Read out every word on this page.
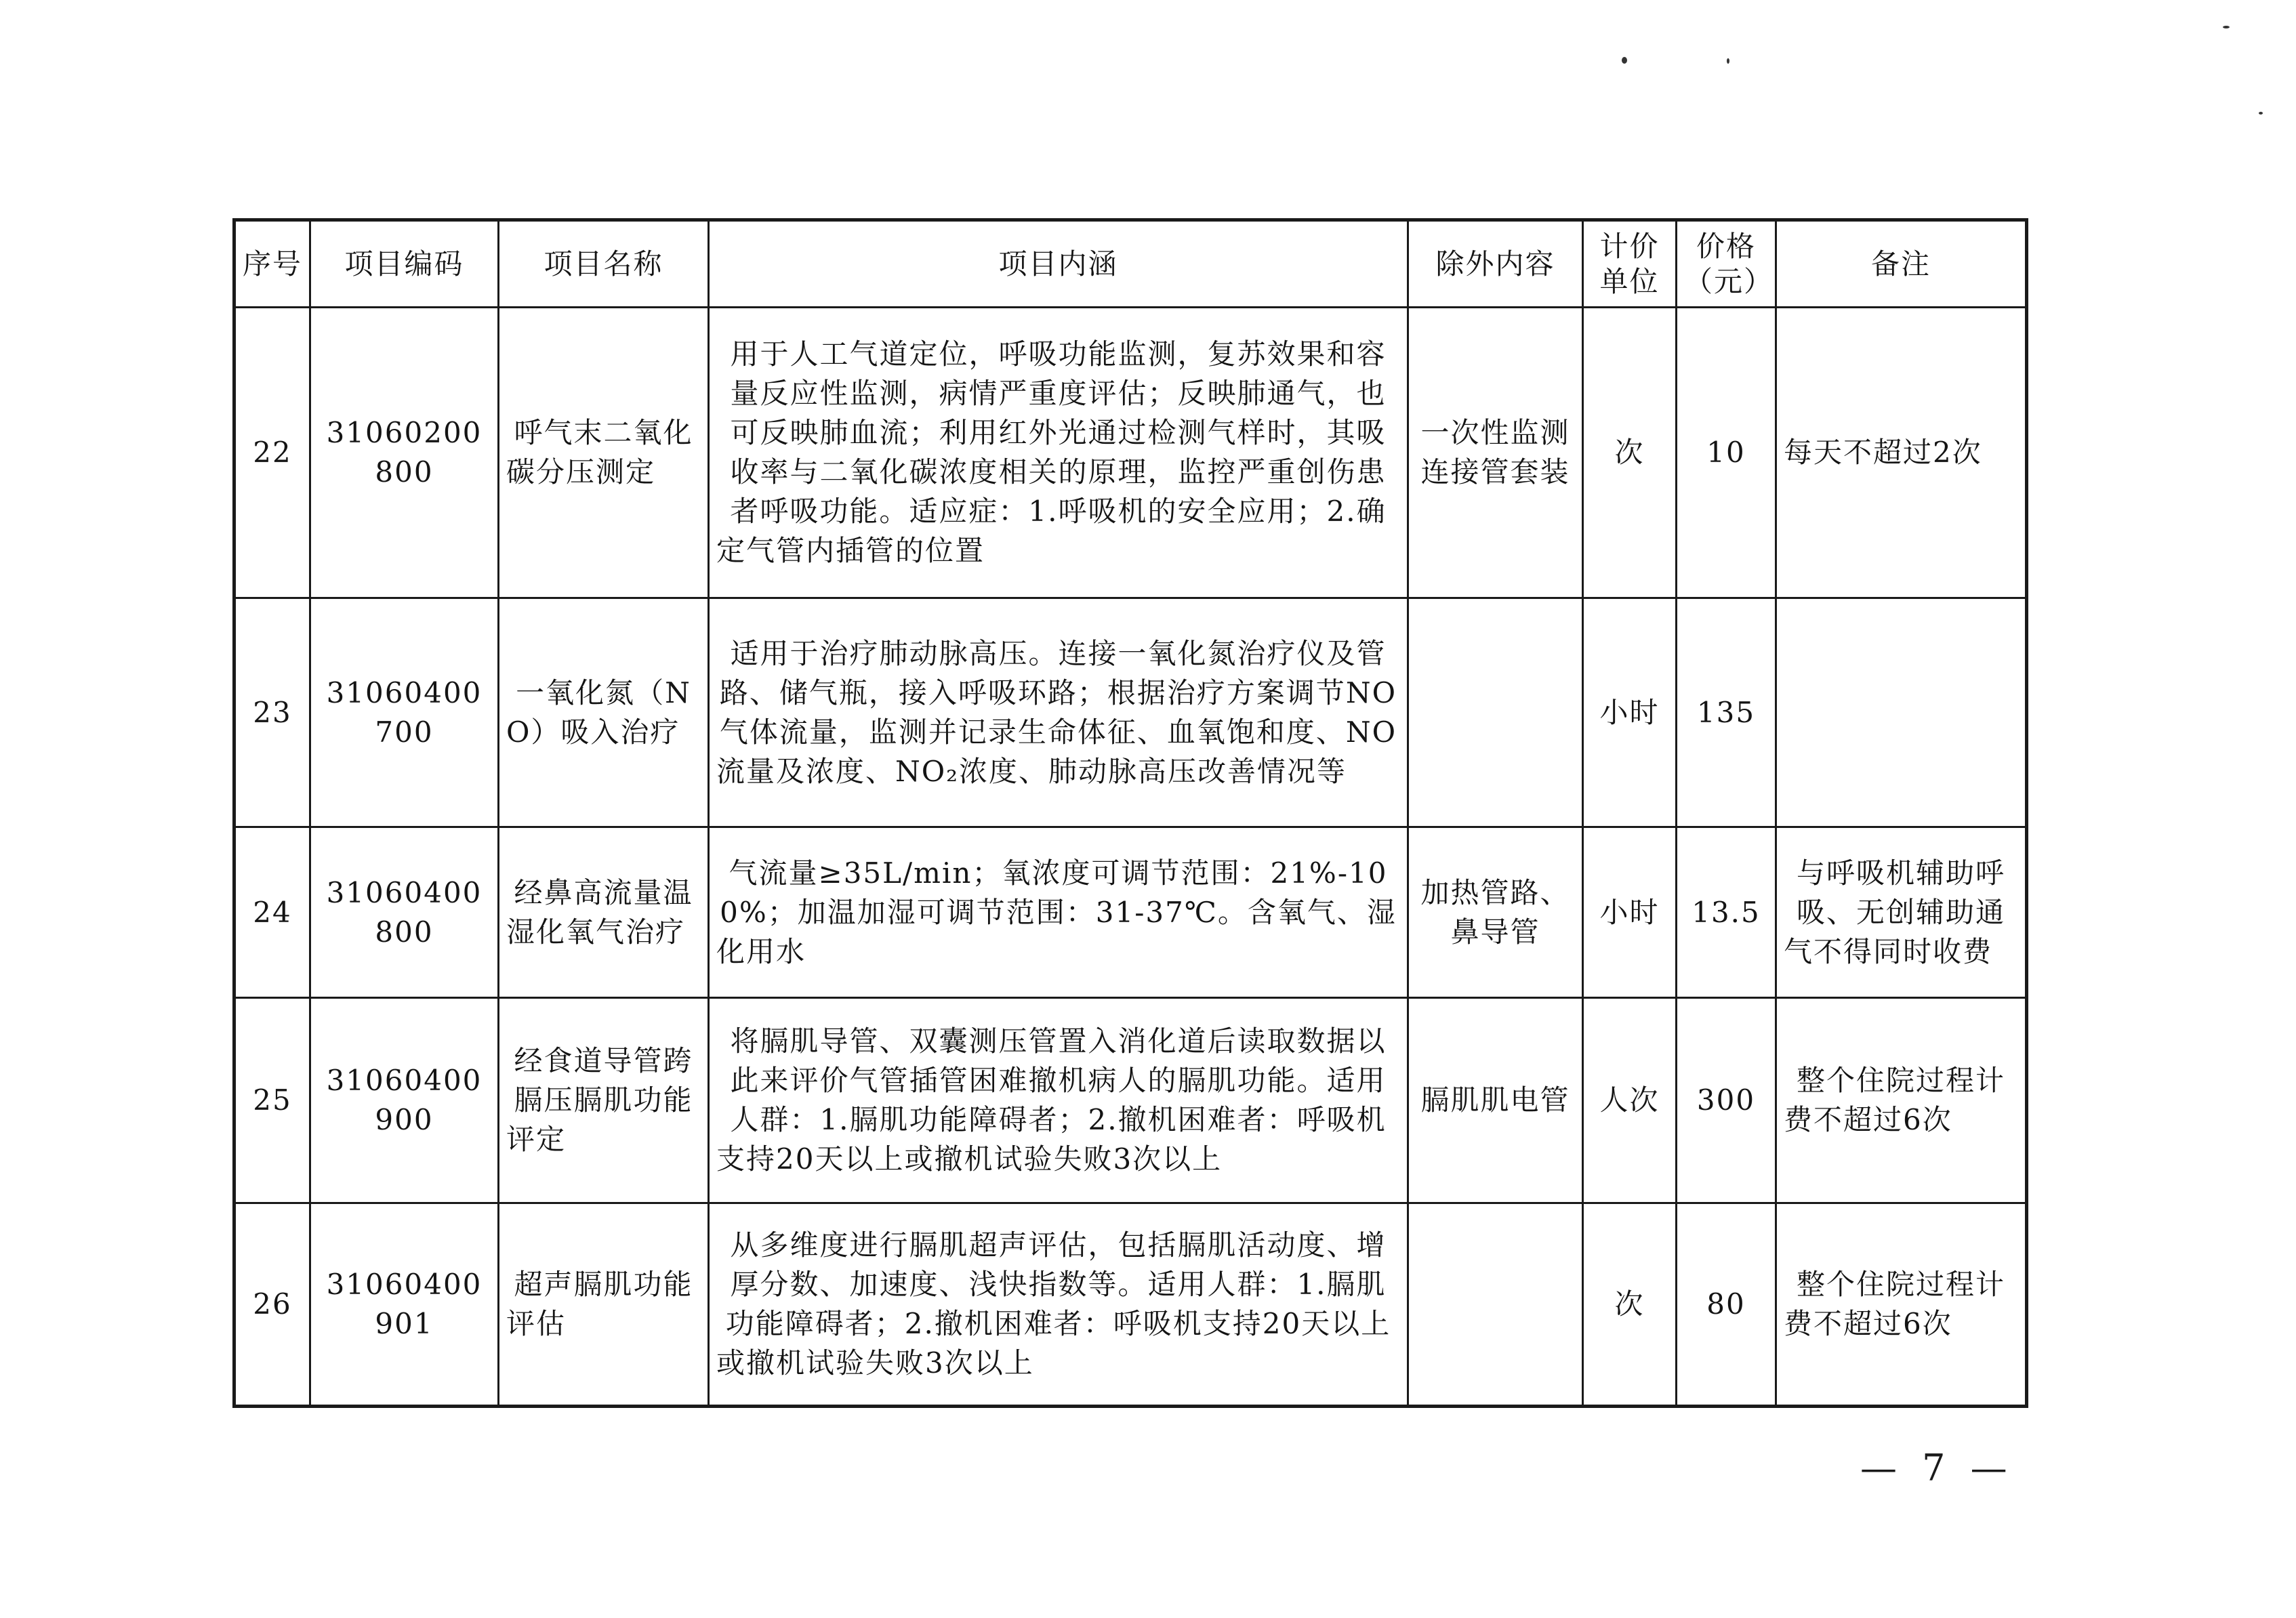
序号	项目编码	项目名称	项目内涵	除外内容	计价单位	价格（元）	备注
22	31060200800	呼气末二氧化碳分压测定	用于人工气道定位，呼吸功能监测，复苏效果和容量反应性监测，病情严重度评估；反映肺通气，也可反映肺血流；利用红外光通过检测气样时，其吸收率与二氧化碳浓度相关的原理，监控严重创伤患者呼吸功能。适应症：1.呼吸机的安全应用；2.确定气管内插管的位置	一次性监测连接管套装	次	10	每天不超过2次
23	31060400700	一氧化氮（NO）吸入治疗	适用于治疗肺动脉高压。连接一氧化氮治疗仪及管路、储气瓶，接入呼吸环路；根据治疗方案调节NO气体流量，监测并记录生命体征、血氧饱和度、NO流量及浓度、NO₂浓度、肺动脉高压改善情况等		小时	135	
24	31060400800	经鼻高流量温湿化氧气治疗	气流量≥35L/min；氧浓度可调节范围：21%-100%；加温加湿可调节范围：31-37℃。含氧气、湿化用水	加热管路、鼻导管	小时	13.5	与呼吸机辅助呼吸、无创辅助通气不得同时收费
25	31060400900	经食道导管跨膈压膈肌功能评定	将膈肌导管、双囊测压管置入消化道后读取数据以此来评价气管插管困难撤机病人的膈肌功能。适用人群：1.膈肌功能障碍者；2.撤机困难者：呼吸机支持20天以上或撤机试验失败3次以上	膈肌肌电管	人次	300	整个住院过程计费不超过6次
26	31060400901	超声膈肌功能评估	从多维度进行膈肌超声评估，包括膈肌活动度、增厚分数、加速度、浅快指数等。适用人群：1.膈肌功能障碍者；2.撤机困难者：呼吸机支持20天以上或撤机试验失败3次以上		次	80	整个住院过程计费不超过6次
— 7 —
